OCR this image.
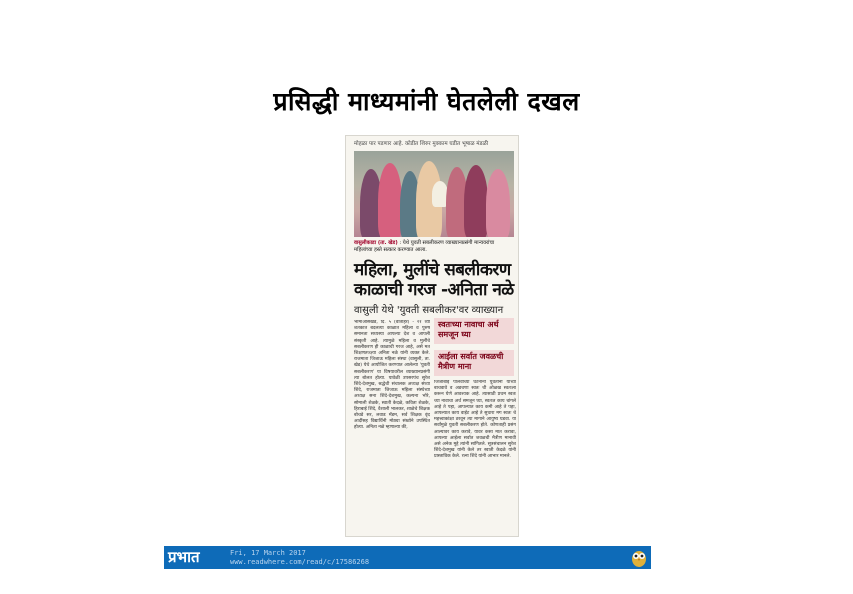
प्रसिद्धी माध्यमांनी घेतलेली दखल
मोहळा पार पडणार आहे. कोडीत शिरुर मुक्काम घडीत भूषाळ मंडळी
वासुलीकाडा (ता. खेड) : येथे युवती सबलीकरण व्याख्यानप्रसंगी मान्यवरांचा महिलांच्या हस्ते सत्कार करण्यात आला.
महिला, मुलींचे सबलीकरण
काळाची गरज -अनिता नळे
वासुली येथे 'युवती सबलीकर'वर व्याख्यान
भामाआसखेड, दि. ५ (वार्ताहर) - २१ व्या शतकात बदलत्या काळात महिला व पुरुष समानता सध्यस्या आपल्या देश व आपली संस्कृती आहे. त्यामुळे महिला व मुलींचे सबलीकरण ही काळाची गरज आहे, असे मत शिक्षणतज्ज्ञ्या अनिता नळे यांनी व्यक्त केले. राजमाता जिजाऊ महिला संस्था (वासुली, ता. खेड) येथे आयोजित करण्यात आलेल्या 'युवती सबलीकरण' या विषयावरील व्याख्यानप्रसंगी त्या बोलत होत्या. यावेळी उपसरपंच सुरेश शिंदे-देशमुख, श्रद्धेची संचालक अध्यक्ष संध्या शिंदे, राजमाता जिजाऊ महिला संस्थेच्या अध्यक्ष सना शिंदे-देशमुख, कल्पना भोरे, सोमाली शेळके, स्वाती केदळे, कविता शेळके, हिराबाई शिंदे, वैशाली भालकर, शाळेचे शिक्षक बोचडे सर, लवाड मॅडम, सर्व शिक्षक वृंद आदींसह विद्यार्थिनी मोठ्या संख्येने उपस्थित होत्या. अनिता नळे म्हणाल्या की,
स्वतःच्या नावाचा अर्थ समजून घ्या
आईला सर्वात जवळची मैत्रीण माना
जिजाबाई पालवीच्या घटनांनी युवतींनी याच्या बाचवावे व अडचणा स्वतः ची ओळख स्वतःला करून घेणे आवश्यक आहे. त्यासाठी प्रथम स्वतः च्या नावाचा अर्थ समजून घ्या, स्वतःत काय चांगले आहे ते पहा, आपल्यात काय कमी आहे ते पहा, आपल्यात काय वाईट आहे ते सुधारा मग स्वतः चे महत्त्वाकांक्षा ठरवून त्या मागाने आयुष्य घडवा. या सर्वांमुळे युवती सबलीकरण होते. कोणताही प्रसंग आल्यावर काय करावे, यावर कसा मात करावा, आपल्या आईला सर्वात जवळची मैत्रीण मानावी असे अनेक मुद्दे त्यांनी सांगितले. सूत्रसंचालन सुरेश शिंदे-देशमुख यांनी केले तर स्वाती केदळे यांनी प्रास्ताविक केले. रत्ना शिंदे यांनी आभार मानले.
प्रभात	Fri, 17 March 2017
www.readwhere.com/read/c/17586268
